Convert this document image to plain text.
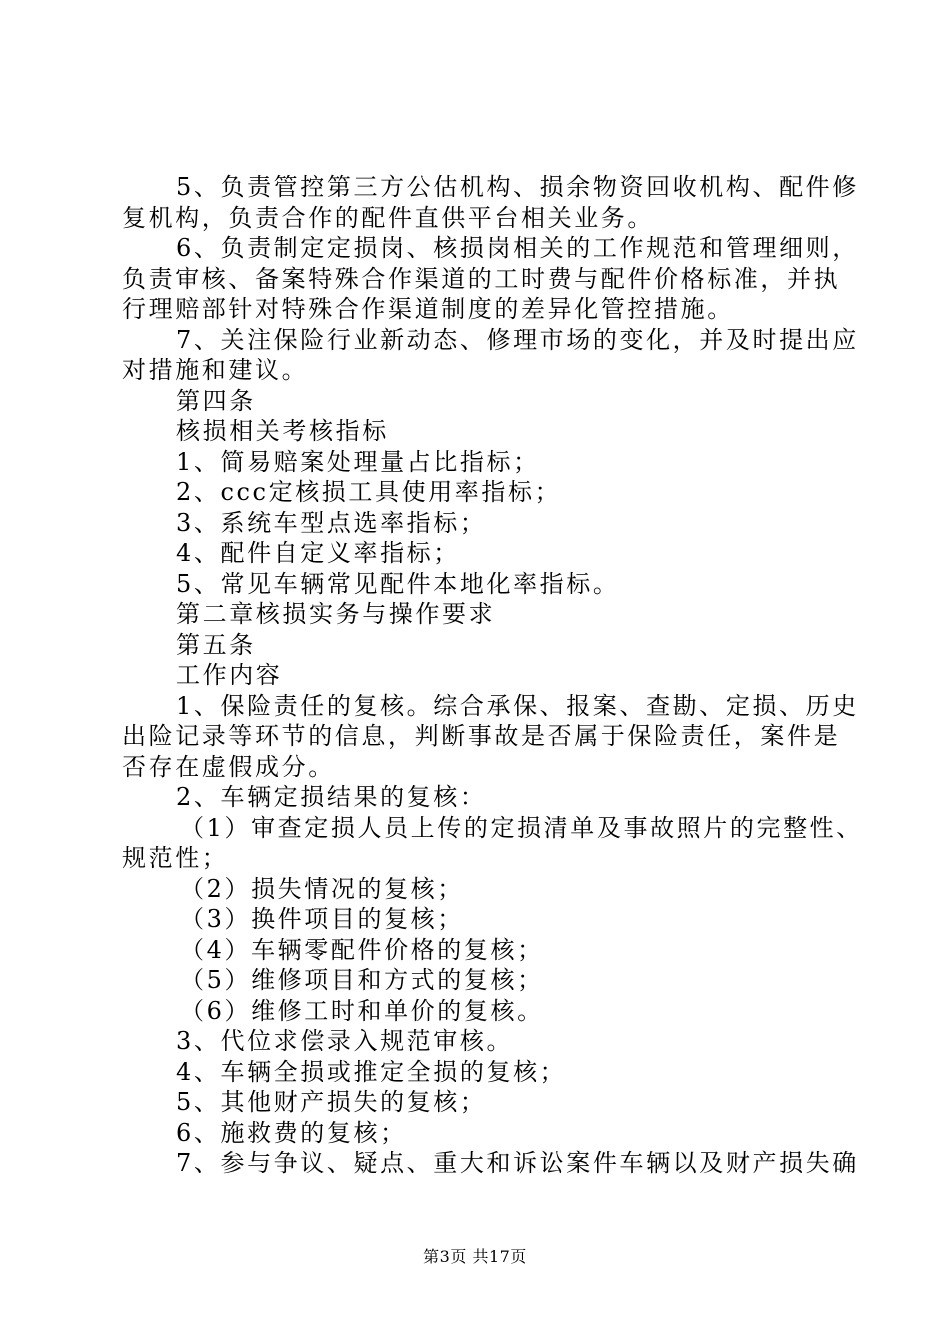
5、负责管控第三方公估机构、损余物资回收机构、配件修
复机构，负责合作的配件直供平台相关业务。
6、负责制定定损岗、核损岗相关的工作规范和管理细则，
负责审核、备案特殊合作渠道的工时费与配件价格标准，并执
行理赔部针对特殊合作渠道制度的差异化管控措施。
7、关注保险行业新动态、修理市场的变化，并及时提出应
对措施和建议。
第四条
核损相关考核指标
1、简易赔案处理量占比指标；
2、ccc定核损工具使用率指标；
3、系统车型点选率指标；
4、配件自定义率指标；
5、常见车辆常见配件本地化率指标。
第二章核损实务与操作要求
第五条
工作内容
1、保险责任的复核。综合承保、报案、查勘、定损、历史
出险记录等环节的信息，判断事故是否属于保险责任，案件是
否存在虚假成分。
2、车辆定损结果的复核：
（1）审查定损人员上传的定损清单及事故照片的完整性、
规范性；
（2）损失情况的复核；
（3）换件项目的复核；
（4）车辆零配件价格的复核；
（5）维修项目和方式的复核；
（6）维修工时和单价的复核。
3、代位求偿录入规范审核。
4、车辆全损或推定全损的复核；
5、其他财产损失的复核；
6、施救费的复核；
7、参与争议、疑点、重大和诉讼案件车辆以及财产损失确
第3页 共17页
